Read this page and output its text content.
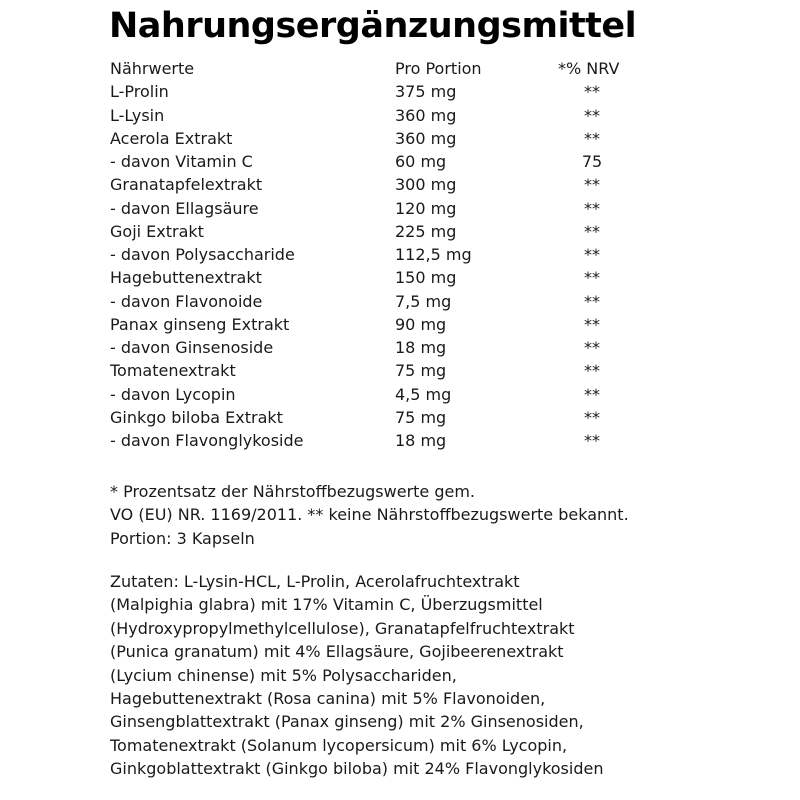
Nahrungsergänzungsmittel
Nährwerte	Pro Portion	*% NRV
L-Prolin	375 mg	**
L-Lysin	360 mg	**
Acerola Extrakt	360 mg	**
- davon Vitamin C	60 mg	75
Granatapfelextrakt	300 mg	**
- davon Ellagsäure	120 mg	**
Goji Extrakt	225 mg	**
- davon Polysaccharide	112,5 mg	**
Hagebuttenextrakt	150 mg	**
- davon Flavonoide	7,5 mg	**
Panax ginseng Extrakt	90 mg	**
- davon Ginsenoside	18 mg	**
Tomatenextrakt	75 mg	**
- davon Lycopin	4,5 mg	**
Ginkgo biloba Extrakt	75 mg	**
- davon Flavonglykoside	18 mg	**
* Prozentsatz der Nährstoffbezugswerte gem.
VO (EU) NR. 1169/2011. ** keine Nährstoffbezugswerte bekannt.
Portion: 3 Kapseln
Zutaten: L-Lysin-HCL, L-Prolin, Acerolafruchtextrakt
(Malpighia glabra) mit 17% Vitamin C, Überzugsmittel
(Hydroxypropylmethylcellulose), Granatapfelfruchtextrakt
(Punica granatum) mit 4% Ellagsäure, Gojibeerenextrakt
(Lycium chinense) mit 5% Polysacchariden,
Hagebuttenextrakt (Rosa canina) mit 5% Flavonoiden,
Ginsengblattextrakt (Panax ginseng) mit 2% Ginsenosiden,
Tomatenextrakt (Solanum lycopersicum) mit 6% Lycopin,
Ginkgoblattextrakt (Ginkgo biloba) mit 24% Flavonglykosiden
